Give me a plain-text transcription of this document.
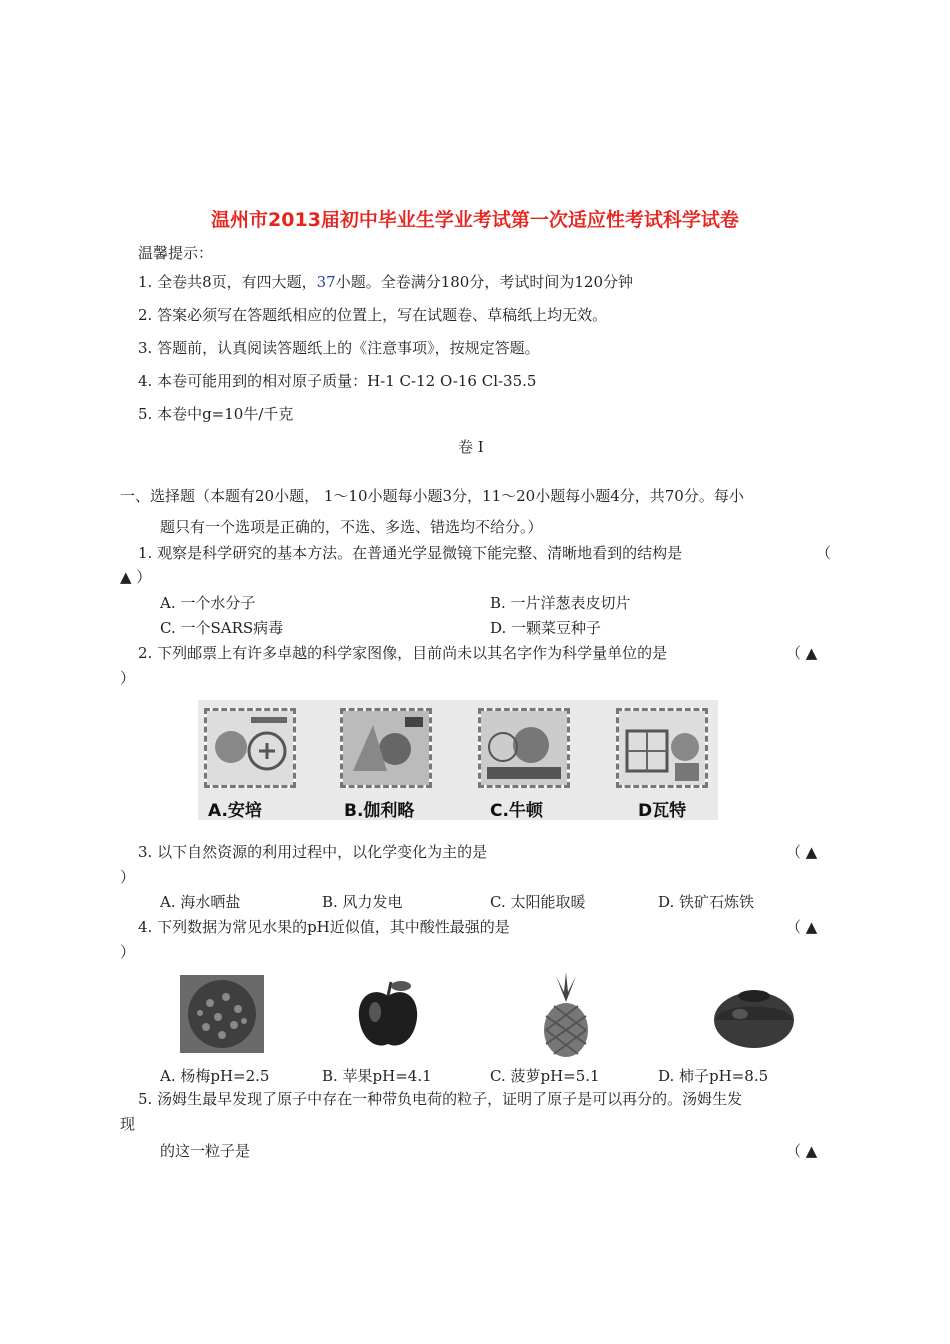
温州市2013届初中毕业生学业考试第一次适应性考试科学试卷
温馨提示：
1. 全卷共8页，有四大题，37小题。全卷满分180分，考试时间为120分钟
2. 答案必须写在答题纸相应的位置上，写在试题卷、草稿纸上均无效。
3. 答题前，认真阅读答题纸上的《注意事项》，按规定答题。
4. 本卷可能用到的相对原子质量：H-1 C-12 O-16 Cl-35.5
5. 本卷中g=10牛/千克
卷 Ⅰ
一、选择题（本题有20小题， 1～10小题每小题3分，11～20小题每小题4分，共70分。每小
题只有一个选项是正确的，不选、多选、错选均不给分。）
1. 观察是科学研究的基本方法。在普通光学显微镜下能完整、清晰地看到的结构是	（
▲ ）
A. 一个水分子	B. 一片洋葱表皮切片
C. 一个SARS病毒	D. 一颗菜豆种子
2. 下列邮票上有许多卓越的科学家图像，目前尚未以其名字作为科学量单位的是	（ ▲
）
A.安培	B.伽利略	C.牛顿	D瓦特
3. 以下自然资源的利用过程中，以化学变化为主的是	（ ▲
）
A. 海水晒盐	B. 风力发电	C. 太阳能取暖	D. 铁矿石炼铁
4. 下列数据为常见水果的pH近似值，其中酸性最强的是	（ ▲
）
A. 杨梅pH=2.5	B. 苹果pH=4.1	C. 菠萝pH=5.1	D. 柿子pH=8.5
5. 汤姆生最早发现了原子中存在一种带负电荷的粒子，证明了原子是可以再分的。汤姆生发
现
的这一粒子是	（ ▲
